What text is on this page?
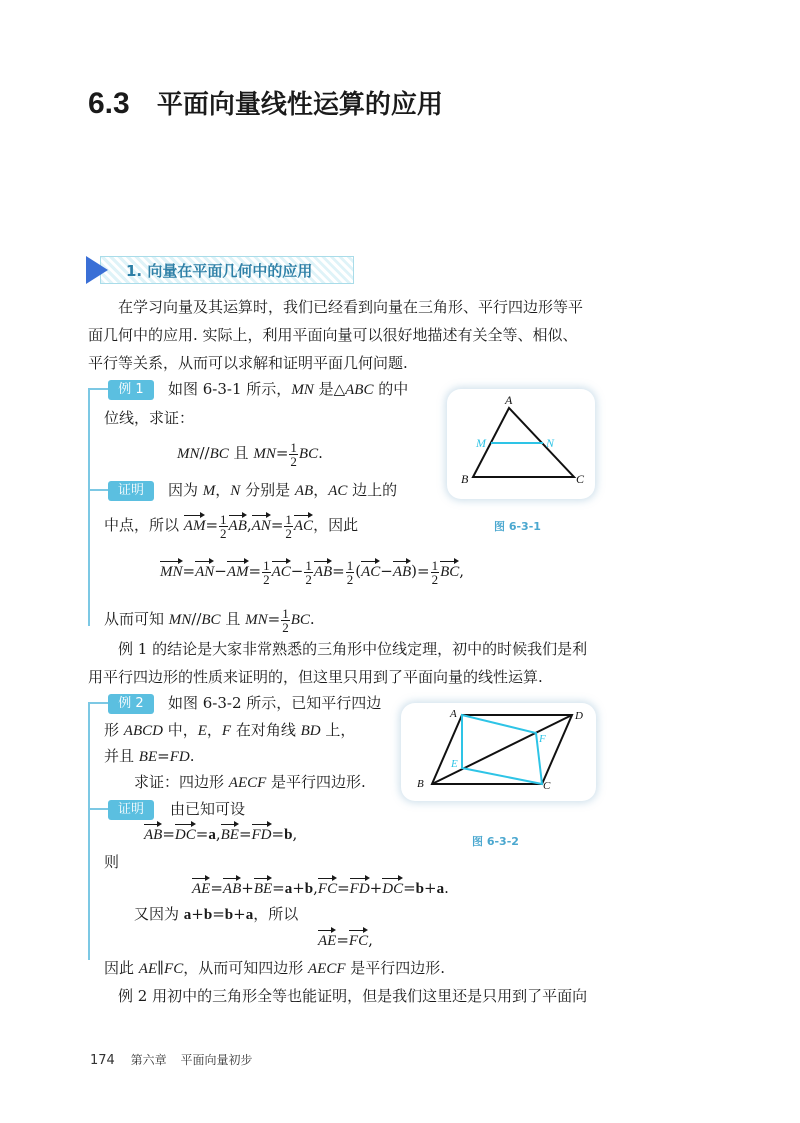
6.3 平面向量线性运算的应用
1. 向量在平面几何中的应用
在学习向量及其运算时，我们已经看到向量在三角形、平行四边形等平
面几何中的应用. 实际上，利用平面向量可以很好地描述有关全等、相似、
平行等关系，从而可以求解和证明平面几何问题.
例 1	如图 6-3-1 所示，MN 是△ABC 的中
位线，求证：
MN//BC 且 $MN= \frac{1}{2}$ BC.
证明	因为 M，N 分别是 AB，AC 边上的
中点，所以 $AM= \frac{1}{2} AB,AN= \frac{1}{2}$ AC，因此
$MN=AN-AM= \frac{1}{2} AC- \frac{1}{2} AB= \frac{1}{2} (AC-AB)= \frac{1}{2}$ BC,
从而可知 MN//BC 且 $MN= \frac{1}{2}$ BC.
A
B	C
M	N
图 6-3-1
例 1 的结论是大家非常熟悉的三角形中位线定理，初中的时候我们是利
用平行四边形的性质来证明的，但这里只用到了平面向量的线性运算.
例 2	如图 6-3-2 所示，已知平行四边
形 ABCD 中，E，F 在对角线 BD 上，
并且 BE=FD.
求证：四边形 AECF 是平行四边形.
证明	由已知可设
AB=DC=a,BE=FD=b,
则
AE=AB+BE=a+b,FC=FD+DC=b+a.
又因为 a+b=b+a，所以
AE=FC,
因此 AE∥FC，从而可知四边形 AECF 是平行四边形.
例 2 用初中的三角形全等也能证明，但是我们这里还是只用到了平面向
A	D
B	C
E
F
图 6-3-2
174 第六章 平面向量初步
